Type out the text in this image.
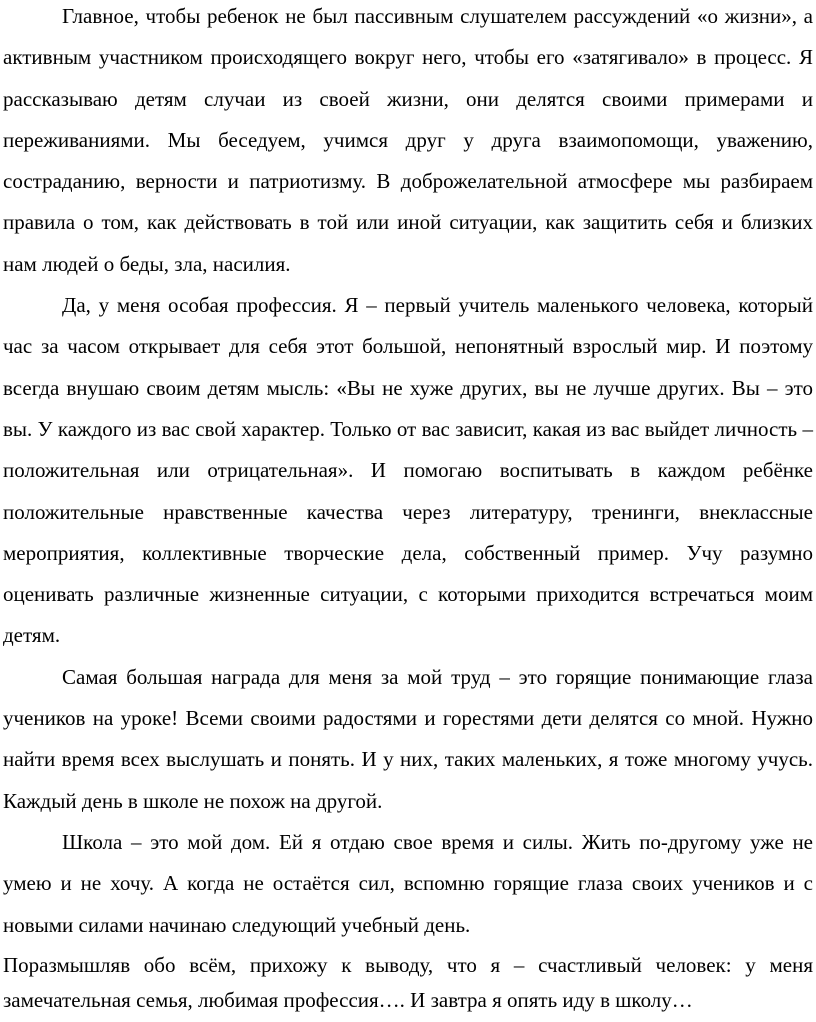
Главное, чтобы ребенок не был пассивным слушателем рассуждений «о жизни», а активным участником происходящего вокруг него, чтобы его «затягивало» в процесс. Я рассказываю детям случаи из своей жизни, они делятся своими примерами и переживаниями. Мы беседуем, учимся друг у друга взаимопомощи, уважению, состраданию, верности и патриотизму. В доброжелательной атмосфере мы разбираем правила о том, как действовать в той или иной ситуации, как защитить себя и близких нам людей о беды, зла, насилия.

Да, у меня особая профессия. Я – первый учитель маленького человека, который час за часом открывает для себя этот большой, непонятный взрослый мир. И поэтому всегда внушаю своим детям мысль: «Вы не хуже других, вы не лучше других. Вы – это вы. У каждого из вас свой характер. Только от вас зависит, какая из вас выйдет личность – положительная или отрицательная». И помогаю воспитывать в каждом ребёнке положительные нравственные качества через литературу, тренинги, внеклассные мероприятия, коллективные творческие дела, собственный пример. Учу разумно оценивать различные жизненные ситуации, с которыми приходится встречаться моим детям.

Самая большая награда для меня за мой труд – это горящие понимающие глаза учеников на уроке! Всеми своими радостями и горестями дети делятся со мной. Нужно найти время всех выслушать и понять. И у них, таких маленьких, я тоже многому учусь. Каждый день в школе не похож на другой.

Школа – это мой дом. Ей я отдаю свое время и силы. Жить по-другому уже не умею и не хочу. А когда не остаётся сил, вспомню горящие глаза своих учеников и с новыми силами начинаю следующий учебный день.

Поразмышляв обо всём, прихожу к выводу, что я – счастливый человек: у меня замечательная семья, любимая профессия…. И завтра я опять иду в школу…
